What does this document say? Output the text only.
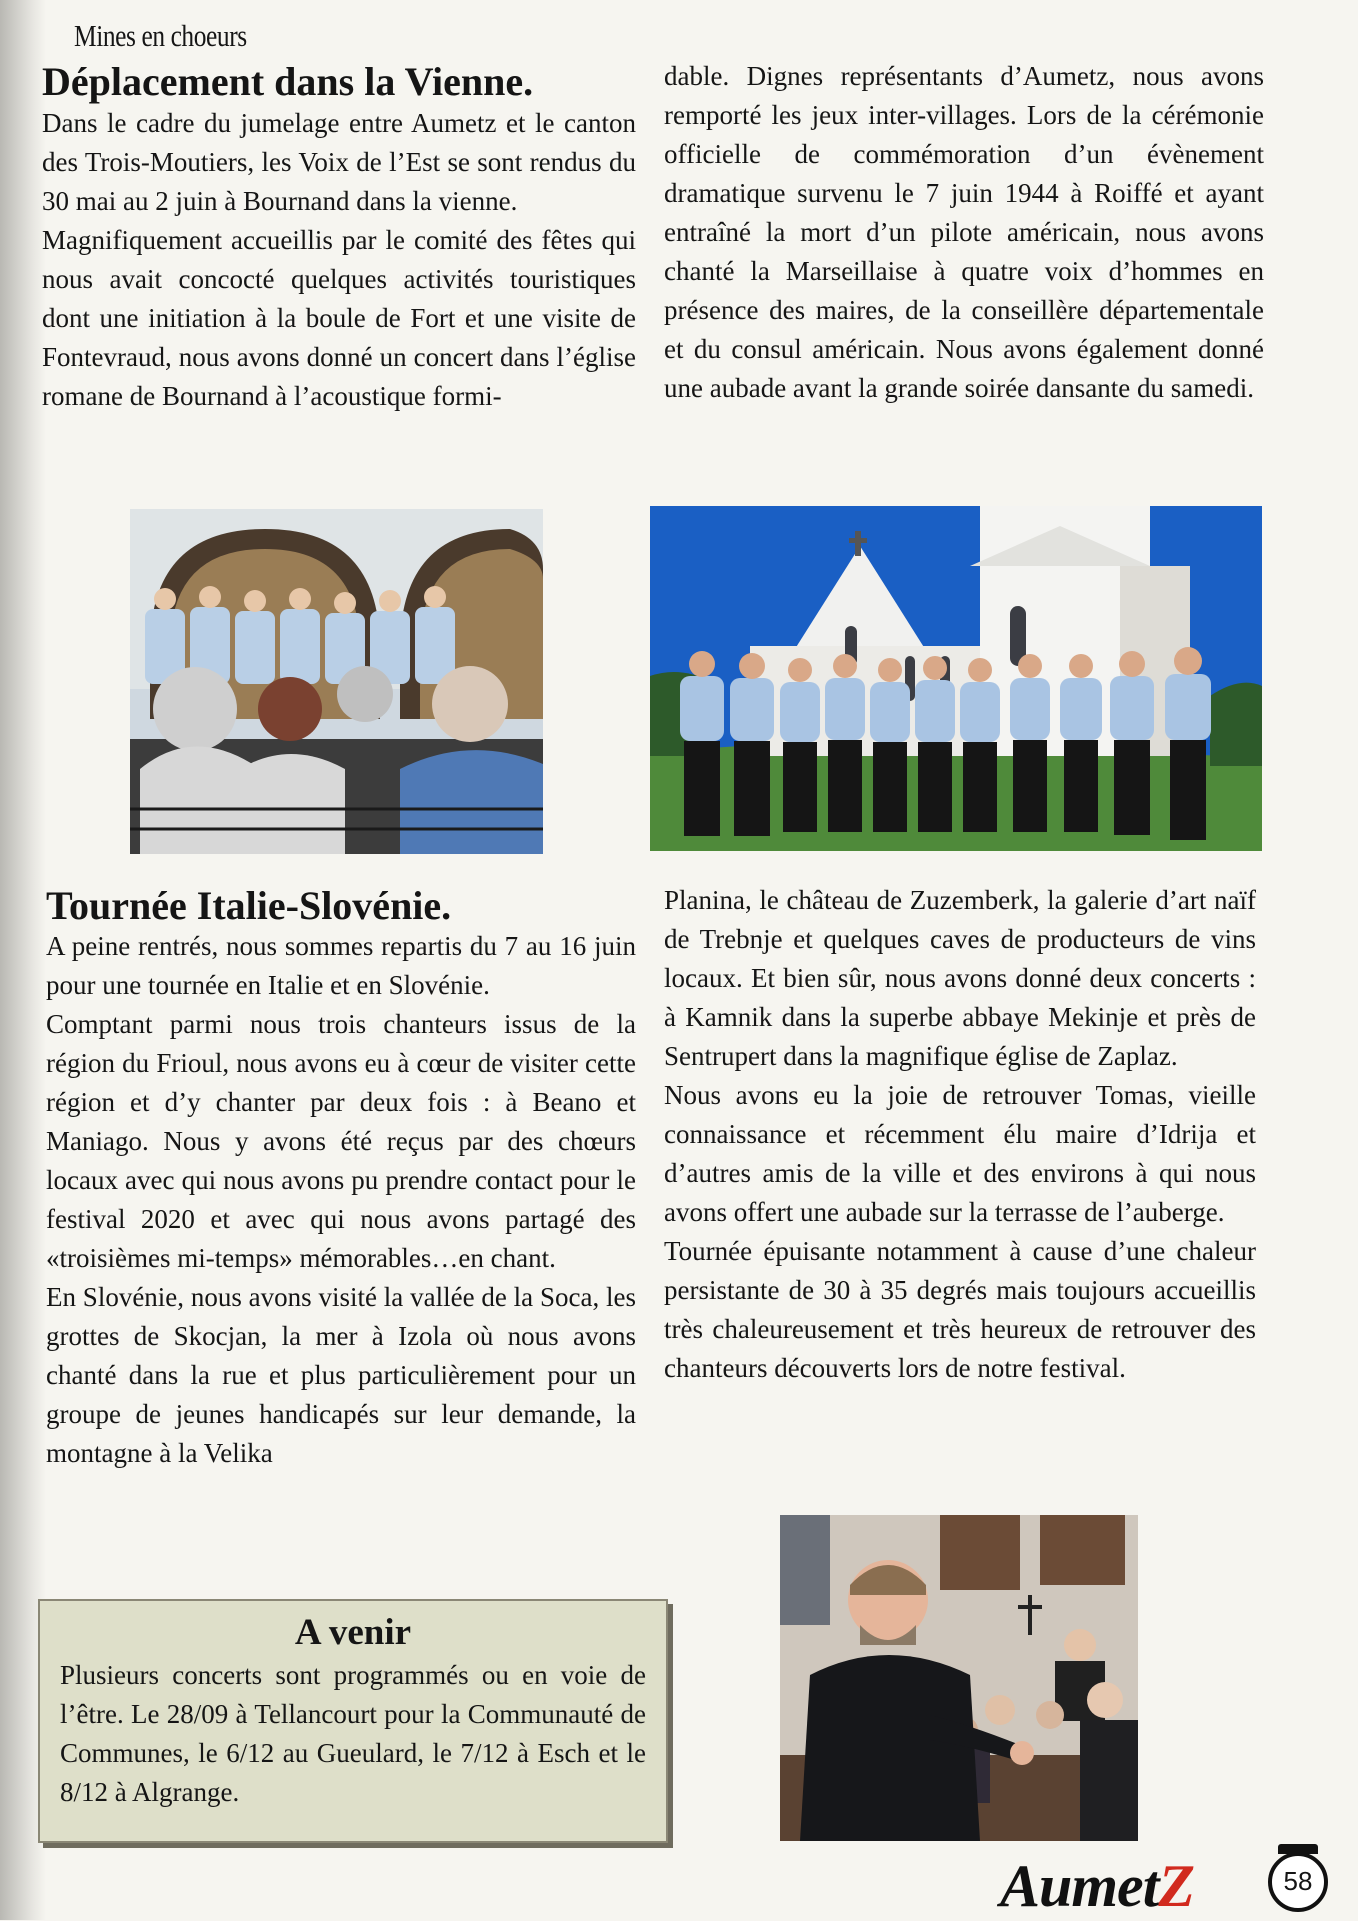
Mines en choeurs
Déplacement dans la Vienne.

Dans le cadre du jumelage entre Aumetz et le canton des Trois-Moutiers, les Voix de l’Est se sont rendus du 30 mai au 2 juin à Bournand dans la vienne.

Magnifiquement accueillis par le comité des fêtes qui nous avait concocté quelques activités touristiques dont une initiation à la boule de Fort et une visite de Fontevraud, nous avons donné un concert dans l’église romane de Bournand à l’acoustique formi-

dable. Dignes représentants d’Aumetz, nous avons remporté les jeux inter-villages. Lors de la cérémonie officielle de commémoration d’un évènement dramatique survenu le 7 juin 1944 à Roiffé et ayant entraîné la mort d’un pilote américain, nous avons chanté la Marseillaise à quatre voix d’hommes en présence des maires, de la conseillère départementale et du consul américain. Nous avons également donné une aubade avant la grande soirée dansante du samedi.

Tournée Italie-Slovénie.

A peine rentrés, nous sommes repartis du 7 au 16 juin pour une tournée en Italie et en Slovénie.

Comptant parmi nous trois chanteurs issus de la région du Frioul, nous avons eu à cœur de visiter cette région et d’y chanter par deux fois : à Beano et Maniago. Nous y avons été reçus par des chœurs locaux avec qui nous avons pu prendre contact pour le festival 2020 et avec qui nous avons partagé des «troisièmes mi-temps» mémorables…en chant.

En Slovénie, nous avons visité la vallée de la Soca, les grottes de Skocjan, la mer à Izola où nous avons chanté dans la rue et plus particulièrement pour un groupe de jeunes handicapés sur leur demande, la montagne à la Velika

Planina, le château de Zuzemberk, la galerie d’art naïf de Trebnje et quelques caves de producteurs de vins locaux. Et bien sûr, nous avons donné deux concerts : à Kamnik dans la superbe abbaye Mekinje et près de Sentrupert dans la magnifique église de Zaplaz.

Nous avons eu la joie de retrouver Tomas, vieille connaissance et récemment élu maire d’Idrija et d’autres amis de la ville et des environs à qui nous avons offert une aubade sur la terrasse de l’auberge.

Tournée épuisante notamment à cause d’une chaleur persistante de 30 à 35 degrés mais toujours accueillis très chaleureusement et très heureux de retrouver des chanteurs découverts lors de notre festival.

A venir

Plusieurs concerts sont programmés ou en voie de l’être. Le 28/09 à Tellancourt pour la Communauté de Communes, le 6/12 au Gueulard, le 7/12 à Esch et le 8/12 à Algrange.

AumetZ	58
